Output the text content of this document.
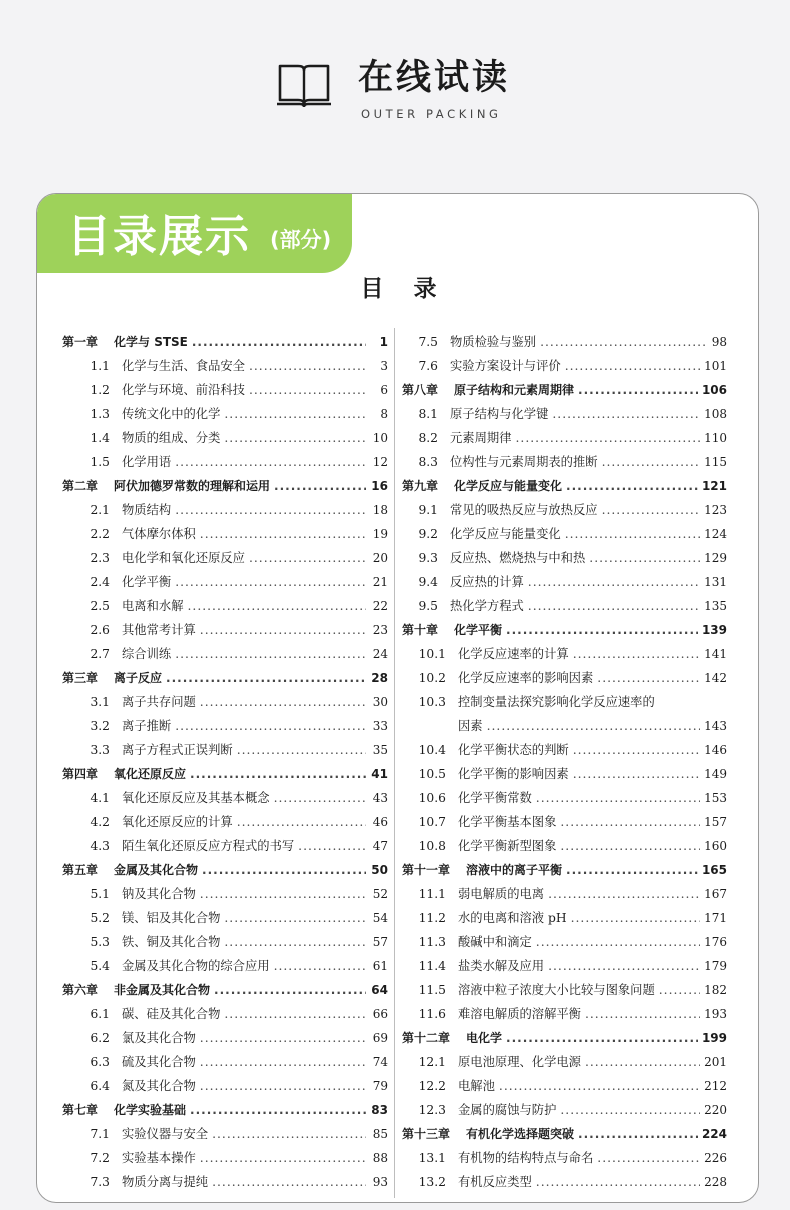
在线试读
OUTER PACKING
目录展示 (部分)
目录
第一章	化学与 STSE .....	1
1.1 化学与生活、食品安全 .....	3
1.2 化学与环境、前沿科技 .....	6
1.3 传统文化中的化学 .....	8
1.4 物质的组成、分类 .....	10
1.5 化学用语 .....	12
第二章	阿伏加德罗常数的理解和运用 .....	16
2.1 物质结构 .....	18
2.2 气体摩尔体积 .....	19
2.3 电化学和氧化还原反应 .....	20
2.4 化学平衡 .....	21
2.5 电离和水解 .....	22
2.6 其他常考计算 .....	23
2.7 综合训练 .....	24
第三章	离子反应 .....	28
3.1 离子共存问题 .....	30
3.2 离子推断 .....	33
3.3 离子方程式正误判断 .....	35
第四章	氧化还原反应 .....	41
4.1 氧化还原反应及其基本概念 .....	43
4.2 氧化还原反应的计算 .....	46
4.3 陌生氧化还原反应方程式的书写 .....	47
第五章	金属及其化合物 .....	50
5.1 钠及其化合物 .....	52
5.2 镁、铝及其化合物 .....	54
5.3 铁、铜及其化合物 .....	57
5.4 金属及其化合物的综合应用 .....	61
第六章	非金属及其化合物 .....	64
6.1 碳、硅及其化合物 .....	66
6.2 氯及其化合物 .....	69
6.3 硫及其化合物 .....	74
6.4 氮及其化合物 .....	79
第七章	化学实验基础 .....	83
7.1 实验仪器与安全 .....	85
7.2 实验基本操作 .....	88
7.3 物质分离与提纯 .....	93
7.5 物质检验与鉴别 .....	98
7.6 实验方案设计与评价 .....	101
第八章	原子结构和元素周期律 .....	106
8.1 原子结构与化学键 .....	108
8.2 元素周期律 .....	110
8.3 位构性与元素周期表的推断 .....	115
第九章	化学反应与能量变化 .....	121
9.1 常见的吸热反应与放热反应 .....	123
9.2 化学反应与能量变化 .....	124
9.3 反应热、燃烧热与中和热 .....	129
9.4 反应热的计算 .....	131
9.5 热化学方程式 .....	135
第十章	化学平衡 .....	139
10.1 化学反应速率的计算 .....	141
10.2 化学反应速率的影响因素 .....	142
10.3 控制变量法探究影响化学反应速率的
因素 .....	143
10.4 化学平衡状态的判断 .....	146
10.5 化学平衡的影响因素 .....	149
10.6 化学平衡常数 .....	153
10.7 化学平衡基本图象 .....	157
10.8 化学平衡新型图象 .....	160
第十一章	溶液中的离子平衡 .....	165
11.1 弱电解质的电离 .....	167
11.2 水的电离和溶液 pH .....	171
11.3 酸碱中和滴定 .....	176
11.4 盐类水解及应用 .....	179
11.5 溶液中粒子浓度大小比较与图象问题 .....	182
11.6 难溶电解质的溶解平衡 .....	193
第十二章	电化学 .....	199
12.1 原电池原理、化学电源 .....	201
12.2 电解池 .....	212
12.3 金属的腐蚀与防护 .....	220
第十三章	有机化学选择题突破 .....	224
13.1 有机物的结构特点与命名 .....	226
13.2 有机反应类型 .....	228
